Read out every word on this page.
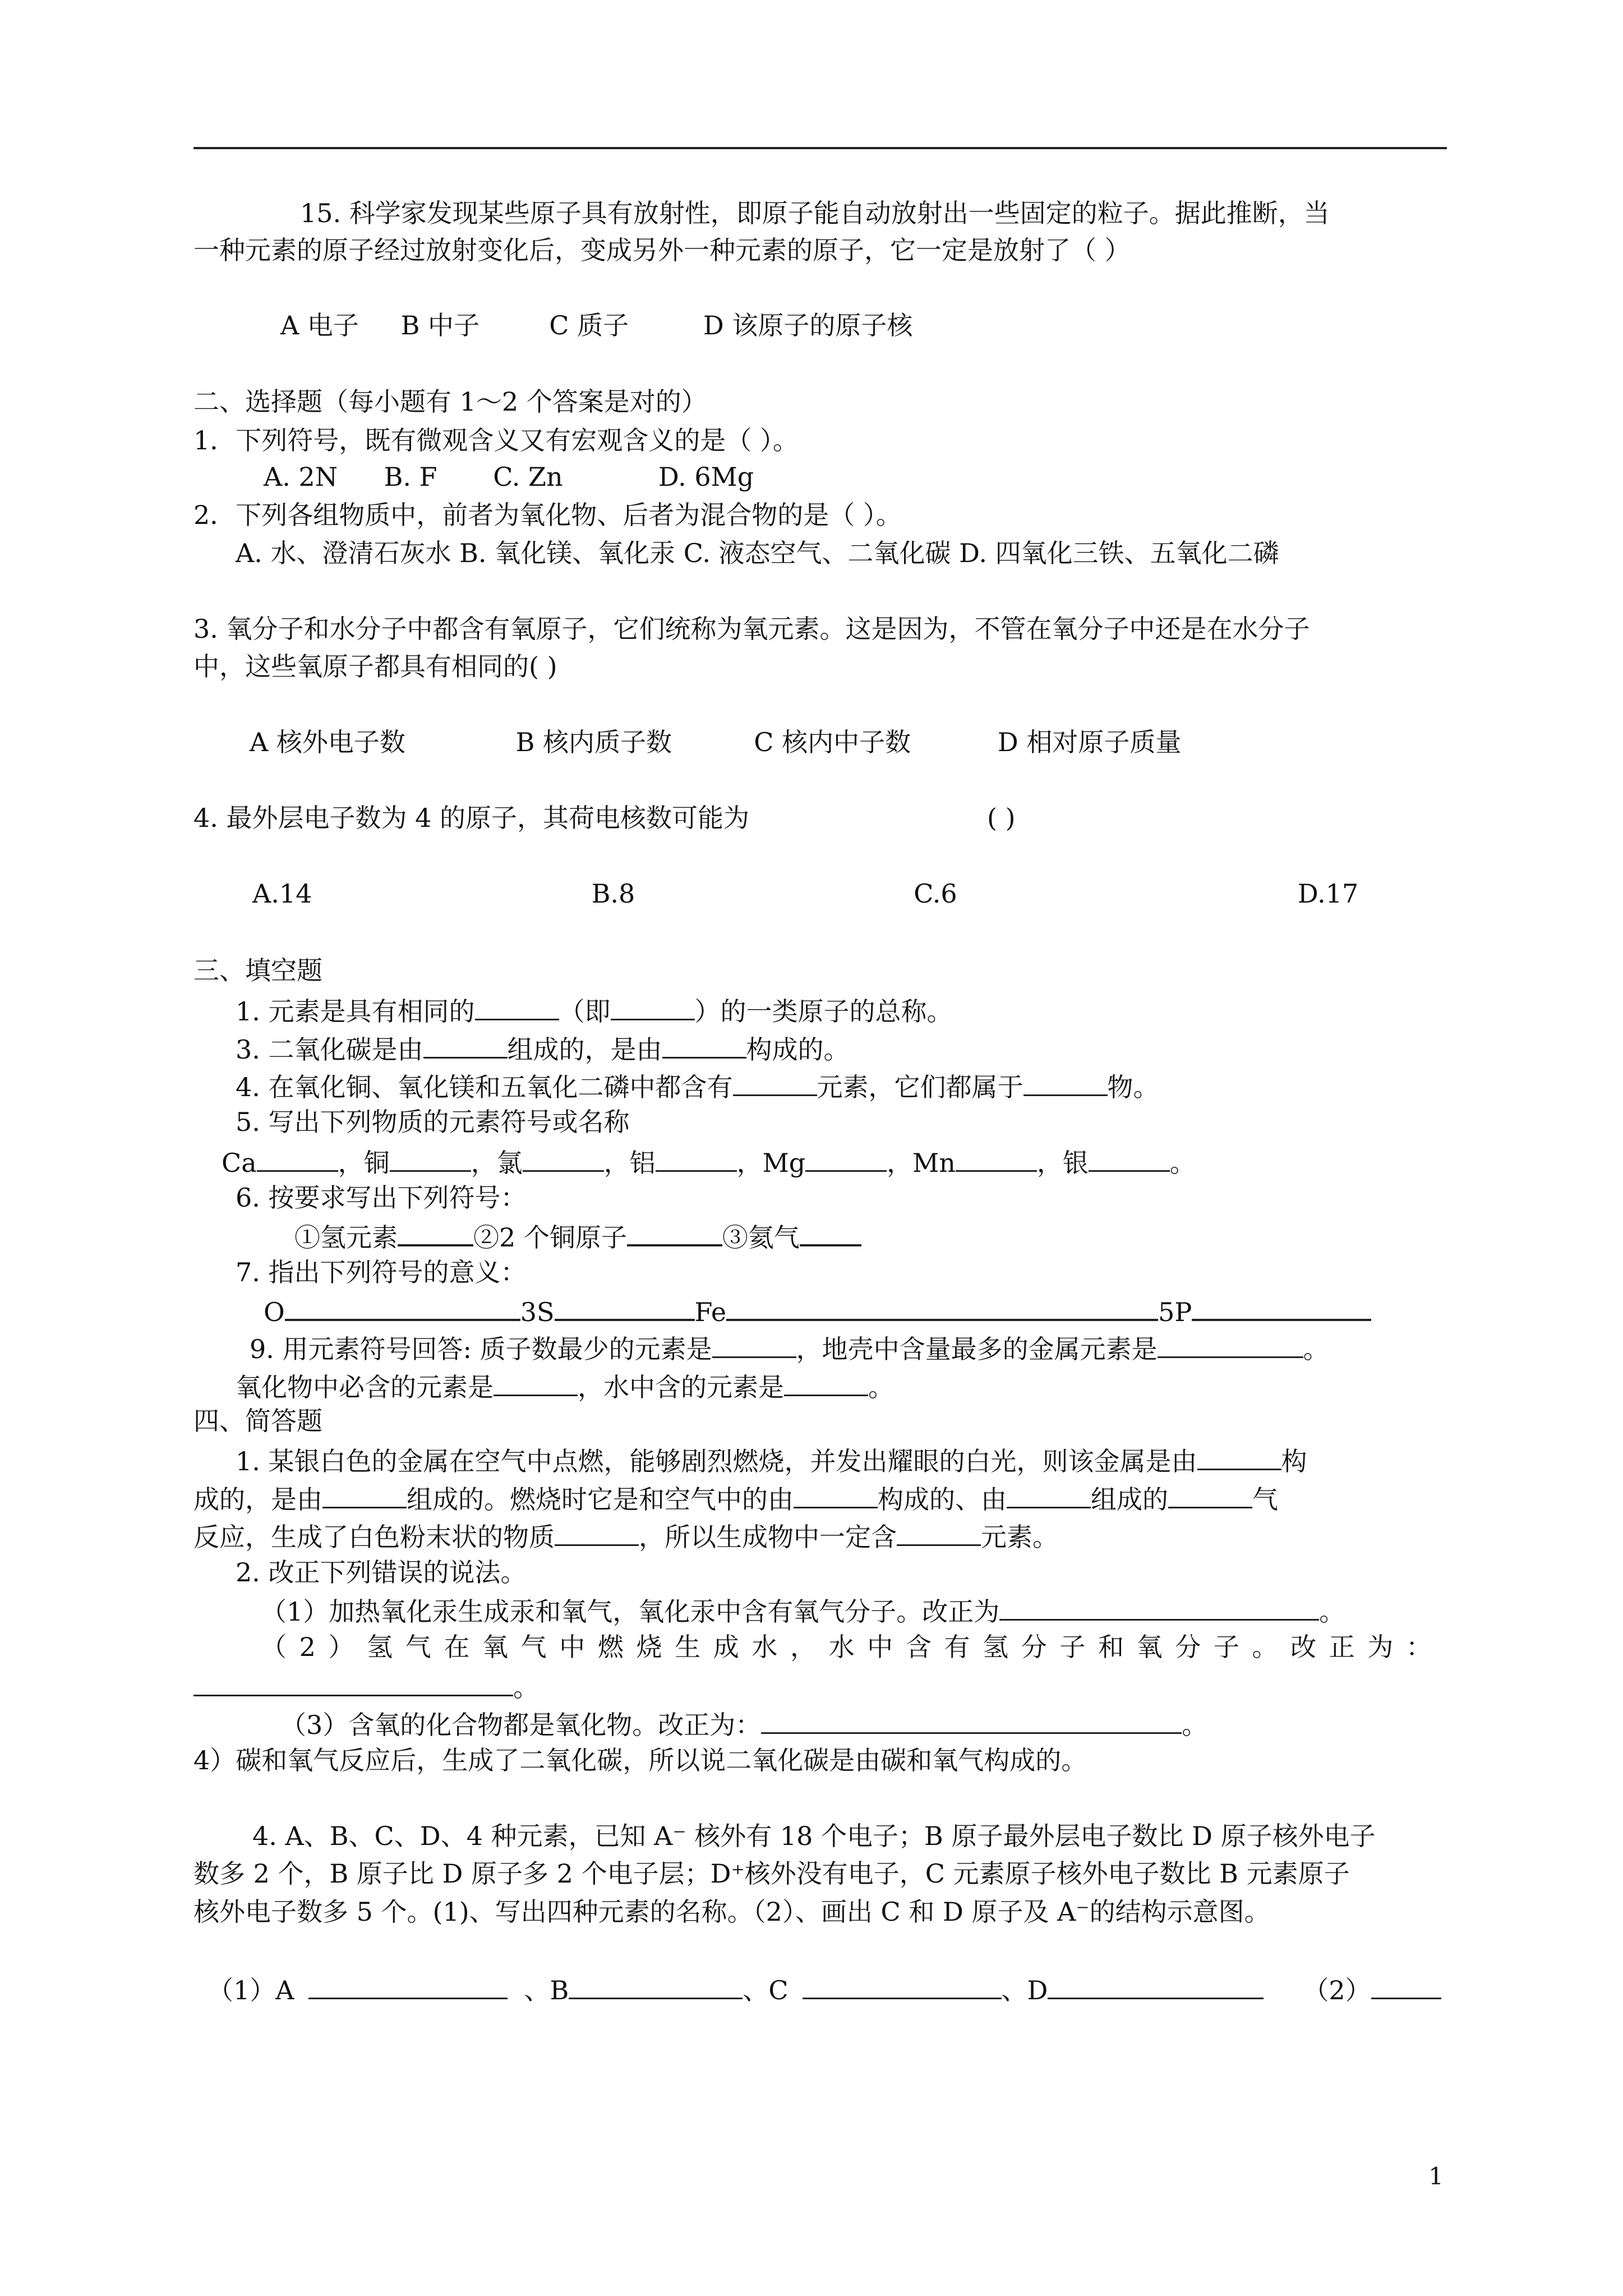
15. 科学家发现某些原子具有放射性，即原子能自动放射出一些固定的粒子。据此推断，当
一种元素的原子经过放射变化后，变成另外一种元素的原子，它一定是放射了（ ）
A 电子 B 中子	C 质子	D 该原子的原子核
二、选择题（每小题有 1～2 个答案是对的）
1．下列符号，既有微观含义又有宏观含义的是（ ）。
A. 2N B. F C. Zn	D. 6Mg
2．下列各组物质中，前者为氧化物、后者为混合物的是（ ）。
A. 水、澄清石灰水 B. 氧化镁、氧化汞 C. 液态空气、二氧化碳 D. 四氧化三铁、五氧化二磷
3. 氧分子和水分子中都含有氧原子，它们统称为氧元素。这是因为，不管在氧分子中还是在水分子
中，这些氧原子都具有相同的( )
A 核外电子数	B 核内质子数	C 核内中子数	D 相对原子质量
4. 最外层电子数为 4 的原子，其荷电核数可能为	( )
A.14	B.8	C.6	D.17
三、填空题
1. 元素是具有相同的	（即	）的一类原子的总称。
3. 二氧化碳是由	组成的，是由	构成的。
4. 在氧化铜、氧化镁和五氧化二磷中都含有	元素，它们都属于	物。
5. 写出下列物质的元素符号或名称
Ca	，铜	，氯	，铝	，Mg	，Mn	，银	。
6. 按要求写出下列符号：
①氢元素	②2 个铜原子	③氦气
7. 指出下列符号的意义：
O	3S	Fe	5P
9. 用元素符号回答: 质子数最少的元素是	，地壳中含量最多的金属元素是	。
氧化物中必含的元素是	，水中含的元素是	。
四、简答题
1. 某银白色的金属在空气中点燃，能够剧烈燃烧，并发出耀眼的白光，则该金属是由	构
成的，是由	组成的。燃烧时它是和空气中的由	构成的、由	组成的	气
反应，生成了白色粉末状的物质	，所以生成物中一定含	元素。
2. 改正下列错误的说法。
（1）加热氧化汞生成汞和氧气，氧化汞中含有氧气分子。改正为	。
（2）氢气在氧气中燃烧生成水，水中含有氢分子和氧分子。改正为：
。
（3）含氧的化合物都是氧化物。改正为：	。
4）碳和氧气反应后，生成了二氧化碳，所以说二氧化碳是由碳和氧气构成的。
4. A、B、C、D、4 种元素，已知 A⁻ 核外有 18 个电子；B 原子最外层电子数比 D 原子核外电子
数多 2 个，B 原子比 D 原子多 2 个电子层；D⁺核外没有电子，C 元素原子核外电子数比 B 元素原子
核外电子数多 5 个。(1)、写出四种元素的名称。（2）、画出 C 和 D 原子及 A⁻的结构示意图。
（1）A	、B	、C	、D	（2）
1
